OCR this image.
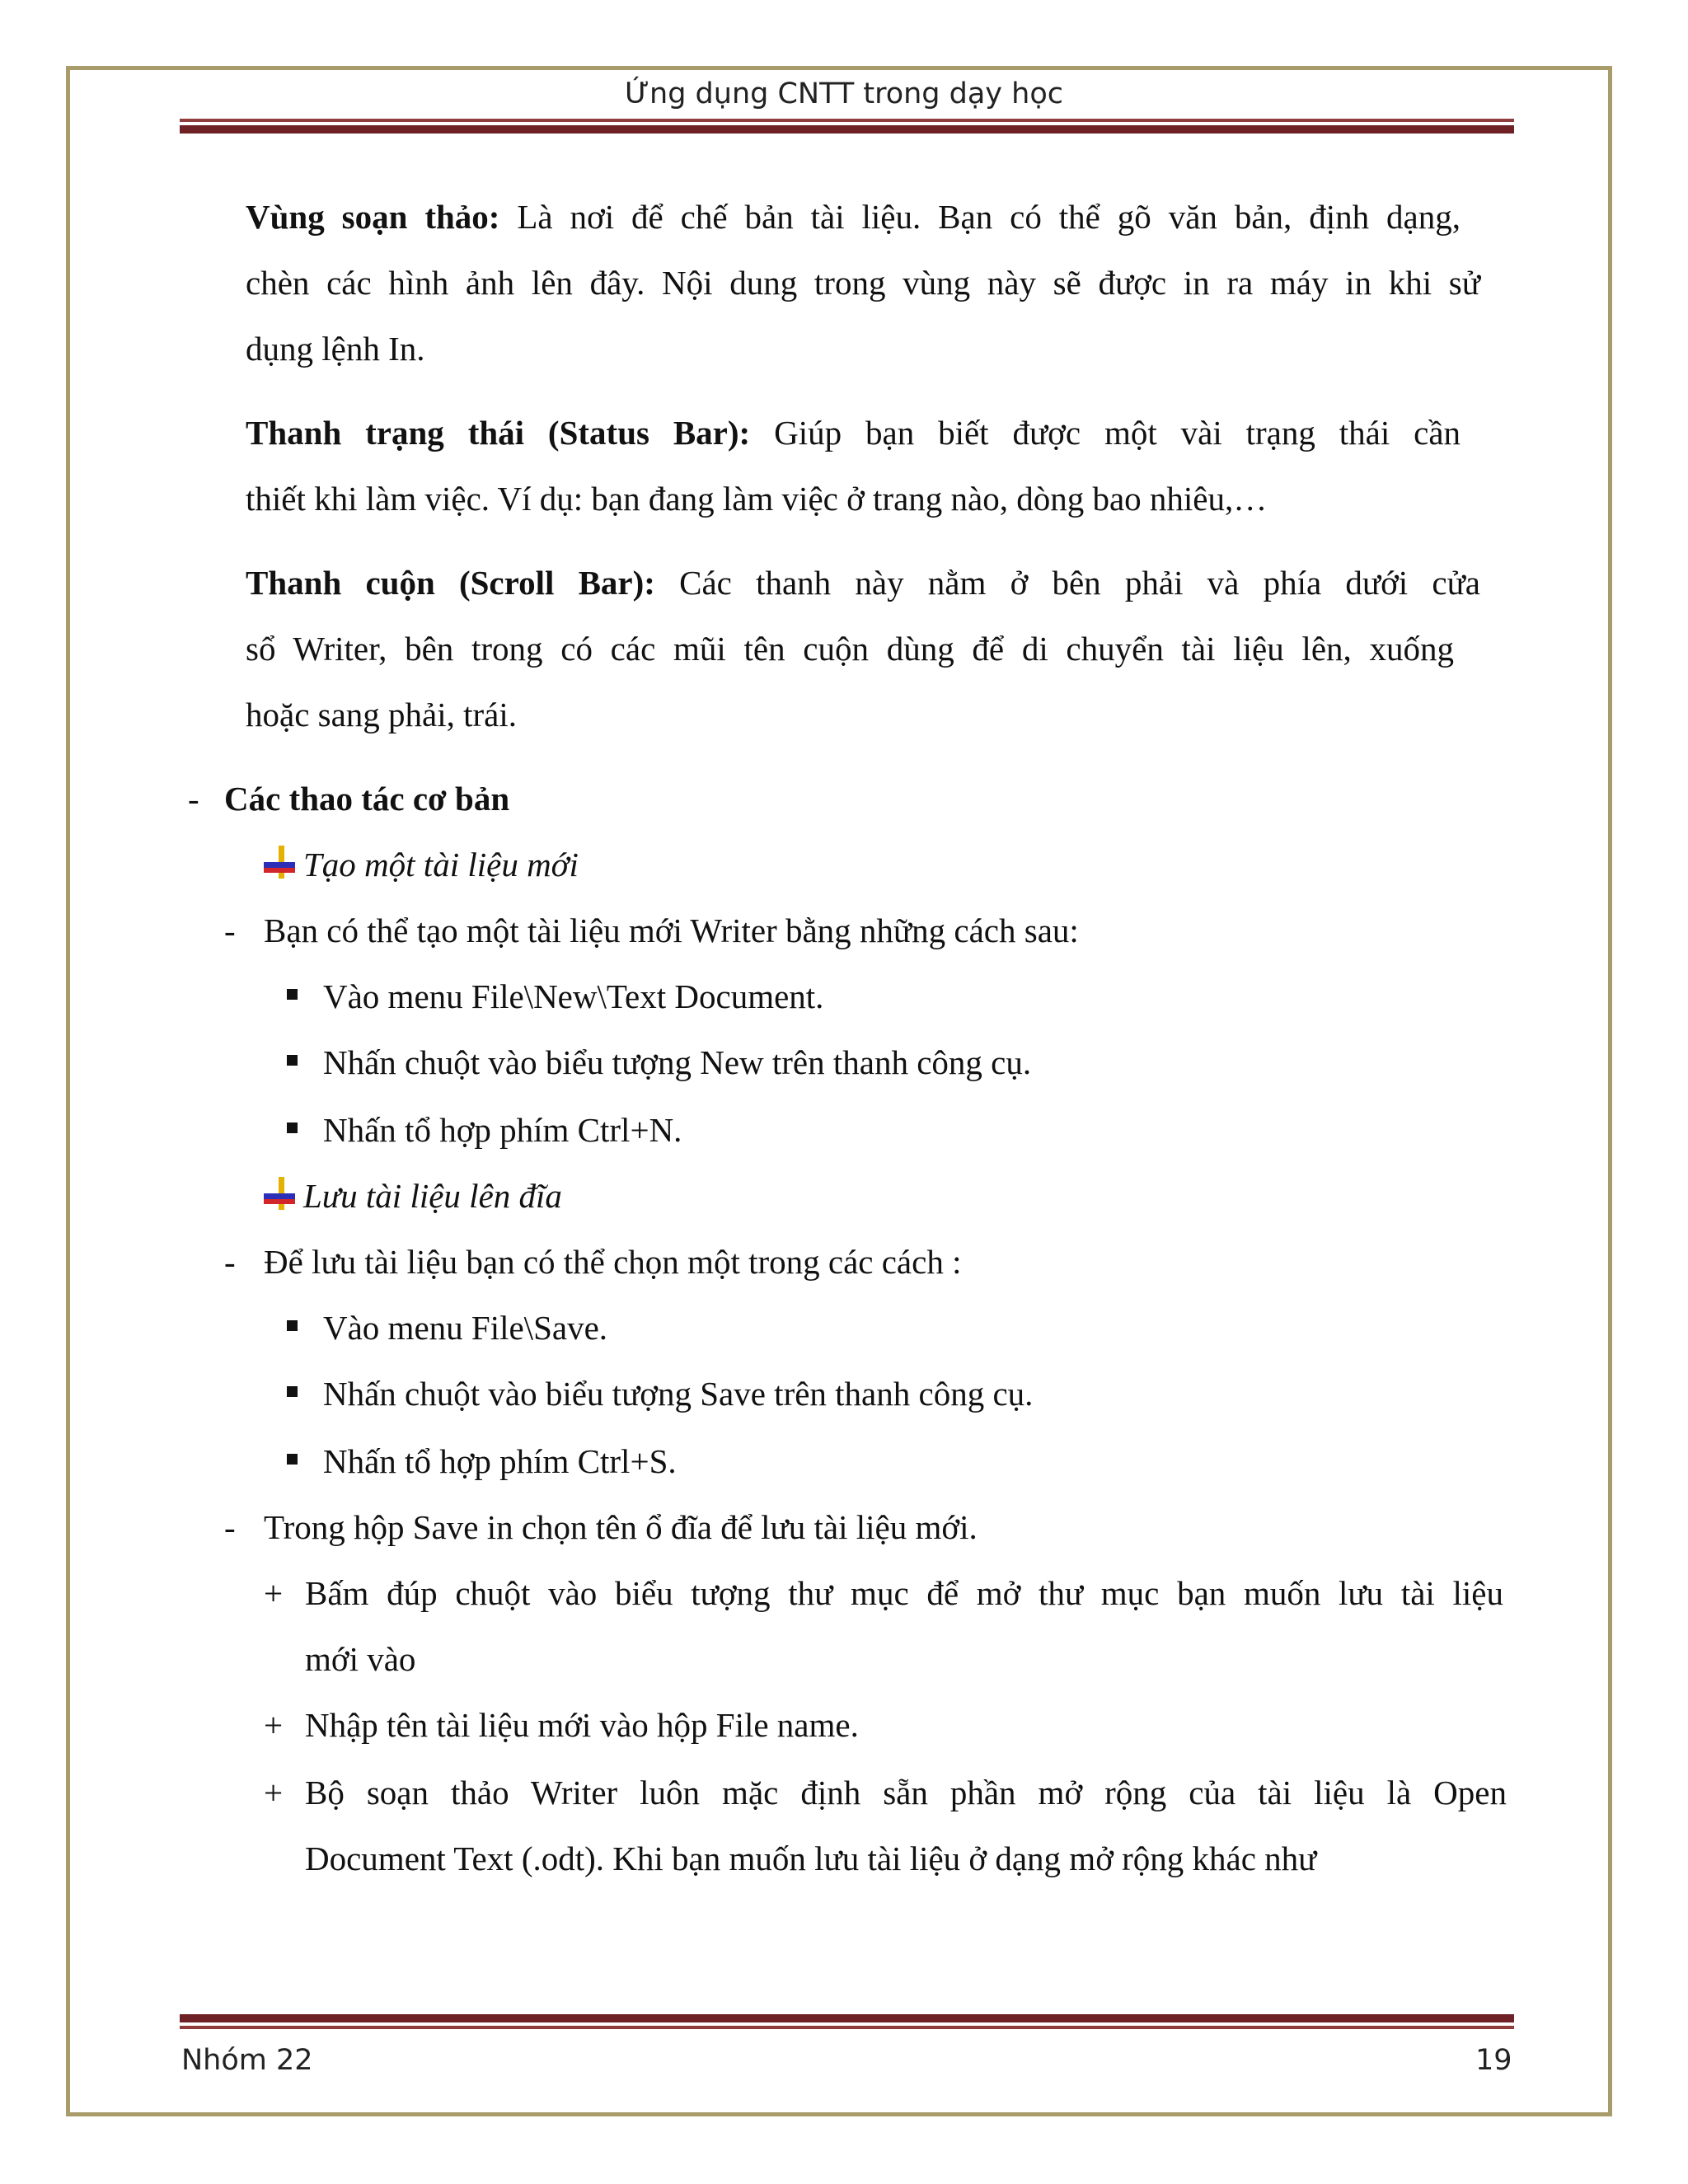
Ứng dụng CNTT trong dạy học
Vùng soạn thảo: Là nơi để chế bản tài liệu. Bạn có thể gõ văn bản, định dạng,
chèn các hình ảnh lên đây. Nội dung trong vùng này sẽ được in ra máy in khi sử
dụng lệnh In.
Thanh trạng thái (Status Bar): Giúp bạn biết được một vài trạng thái cần
thiết khi làm việc. Ví dụ: bạn đang làm việc ở trang nào, dòng bao nhiêu,…
Thanh cuộn (Scroll Bar): Các thanh này nằm ở bên phải và phía dưới cửa
sổ Writer, bên trong có các mũi tên cuộn dùng để di chuyển tài liệu lên, xuống
hoặc sang phải, trái.
- Các thao tác cơ bản
Tạo một tài liệu mới
- Bạn có thể tạo một tài liệu mới Writer bằng những cách sau:
Vào menu File\New\Text Document.
Nhấn chuột vào biểu tượng New trên thanh công cụ.
Nhấn tổ hợp phím Ctrl+N.
Lưu tài liệu lên đĩa
- Để lưu tài liệu bạn có thể chọn một trong các cách :
Vào menu File\Save.
Nhấn chuột vào biểu tượng Save trên thanh công cụ.
Nhấn tổ hợp phím Ctrl+S.
- Trong hộp Save in chọn tên ổ đĩa để lưu tài liệu mới.
+ Bấm đúp chuột vào biểu tượng thư mục để mở thư mục bạn muốn lưu tài liệu
mới vào
+ Nhập tên tài liệu mới vào hộp File name.
+ Bộ soạn thảo Writer luôn mặc định sẵn phần mở rộng của tài liệu là Open
Document Text (.odt). Khi bạn muốn lưu tài liệu ở dạng mở rộng khác như
Nhóm 22	19
